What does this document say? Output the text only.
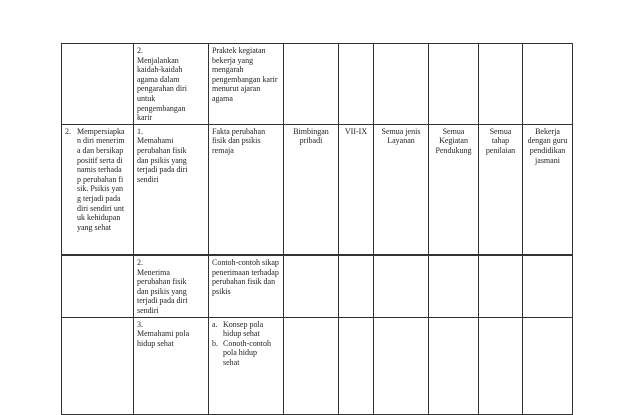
	2.Menjalankan kaidah-kaidah agama dalam pengarahan diri untuk pengembangan karir	Praktek kegiatan bekerja yang mengarah pengembangan karir menurut ajaran agama						
2. Mempersiapkan diri menerima dan bersikap positif serta dinamis terhadap perubahan fisik. Psikis yang terjadi pada diri sendiri untuk kehidupan yang sehat	1.Memahami perubahan fisik dan psikis yang terjadi pada diri sendiri	Fakta perubahan fisik dan psikis remaja	Bimbingan pribadi	VII-IX	Semua jenis Layanan	Semua Kegiatan Pendukung	Semua tahap penilaian	Bekerja dengan guru pendidikan jasmani
	2.Menerima perubahan fisik dan psikis yang terjadi pada diri sendiri	Contoh-contoh sikap penerimaan terhadap perubahan fisik dan psikis						
	3.Memahami pola hidup sehat	a. Konsep pola hidup sehat
b. Conoth-contoh pola hidup sehat						
